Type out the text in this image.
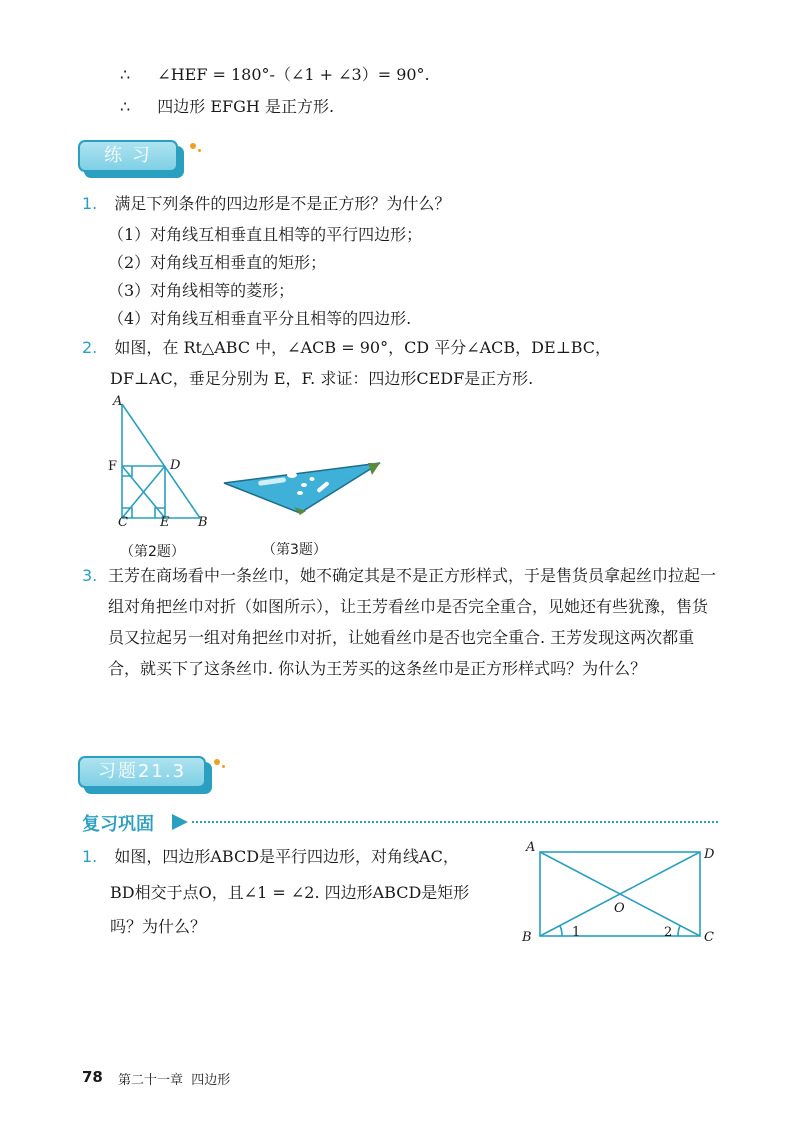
∴ ∠HEF = 180°-（∠1 + ∠3）= 90°.
∴ 四边形 EFGH 是正方形.
练 习
1. 满足下列条件的四边形是不是正方形？为什么？
（1）对角线互相垂直且相等的平行四边形；
（2）对角线互相垂直的矩形；
（3）对角线相等的菱形；
（4）对角线互相垂直平分且相等的四边形.
2. 如图，在 Rt△ABC 中，∠ACB = 90°，CD 平分∠ACB，DE⊥BC，
DF⊥AC，垂足分别为 E，F. 求证：四边形CEDF是正方形.
A
F	D
C E B
（第2题）	（第3题）
3. 王芳在商场看中一条丝巾，她不确定其是不是正方形样式，于是售货员拿起丝巾拉起一组对角把丝巾对折（如图所示），让王芳看丝巾是否完全重合，见她还有些犹豫，售货员又拉起另一组对角把丝巾对折，让她看丝巾是否也完全重合. 王芳发现这两次都重合，就买下了这条丝巾. 你认为王芳买的这条丝巾是正方形样式吗？为什么？
习题21.3
复习巩固
1. 如图，四边形ABCD是平行四边形，对角线AC，
BD相交于点O，且∠1 = ∠2. 四边形ABCD是矩形
吗？为什么？
A	D
O
B	1	2 C
78 第二十一章  四边形
